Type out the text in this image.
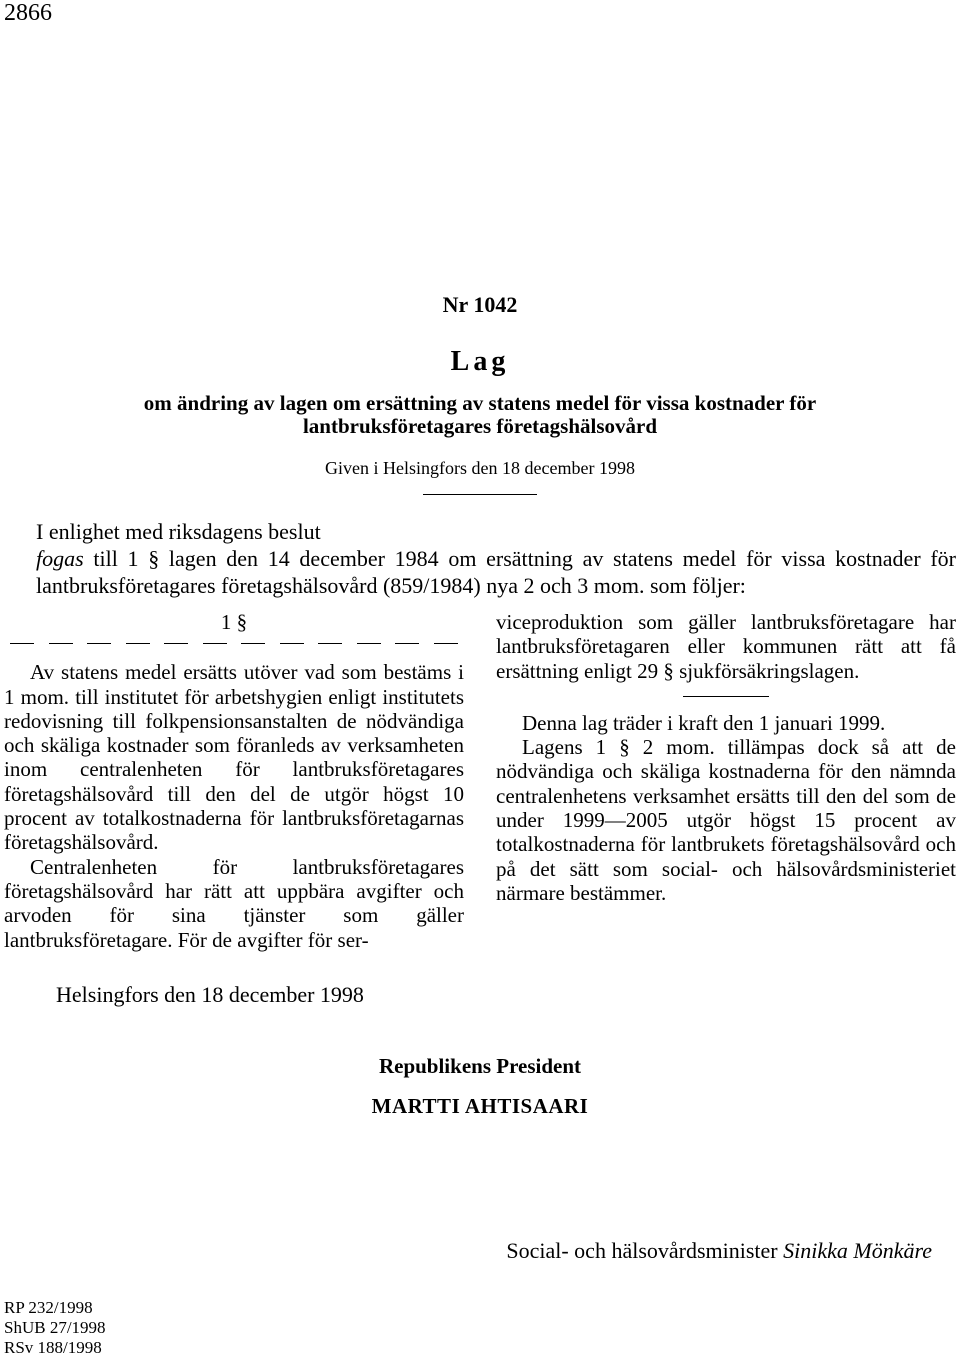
2866
Nr 1042
Lag
om ändring av lagen om ersättning av statens medel för vissa kostnader för
lantbruksföretagares företagshälsovård
Given i Helsingfors den 18 december 1998

I enlighet med riksdagens beslut

fogas till 1 § lagen den 14 december 1984 om ersättning av statens medel för vissa kostnader för lantbruksföretagares företagshälsovård (859/1984) nya 2 och 3 mom. som följer:

1 §

Av statens medel ersätts utöver vad som bestäms i 1 mom. till institutet för arbetshygien enligt institutets redovisning till folkpensionsanstalten de nödvändiga och skäliga kostnader som föranleds av verksamheten inom centralenheten för lantbruksföretagares företagshälsovård till den del de utgör högst 10 procent av totalkostnaderna för lantbruksföretagarnas företagshälsovård.

Centralenheten för lantbruksföretagares företagshälsovård har rätt att uppbära avgifter och arvoden för sina tjänster som gäller lantbruksföretagare. För de avgifter för ser-

viceproduktion som gäller lantbruksföretagare har lantbruksföretagaren eller kommunen rätt att få ersättning enligt 29 § sjukförsäkringslagen.

Denna lag träder i kraft den 1 januari 1999.

Lagens 1 § 2 mom. tillämpas dock så att de nödvändiga och skäliga kostnaderna för den nämnda centralenhetens verksamhet ersätts till den del som de under 1999—2005 utgör högst 15 procent av totalkostnaderna för lantbrukets företagshälsovård och på det sätt som social- och hälsovårdsministeriet närmare bestämmer.

Helsingfors den 18 december 1998
Republikens President
MARTTI AHTISAARI
Social- och hälsovårdsminister Sinikka Mönkäre
RP 232/1998
ShUB 27/1998
RSv 188/1998
